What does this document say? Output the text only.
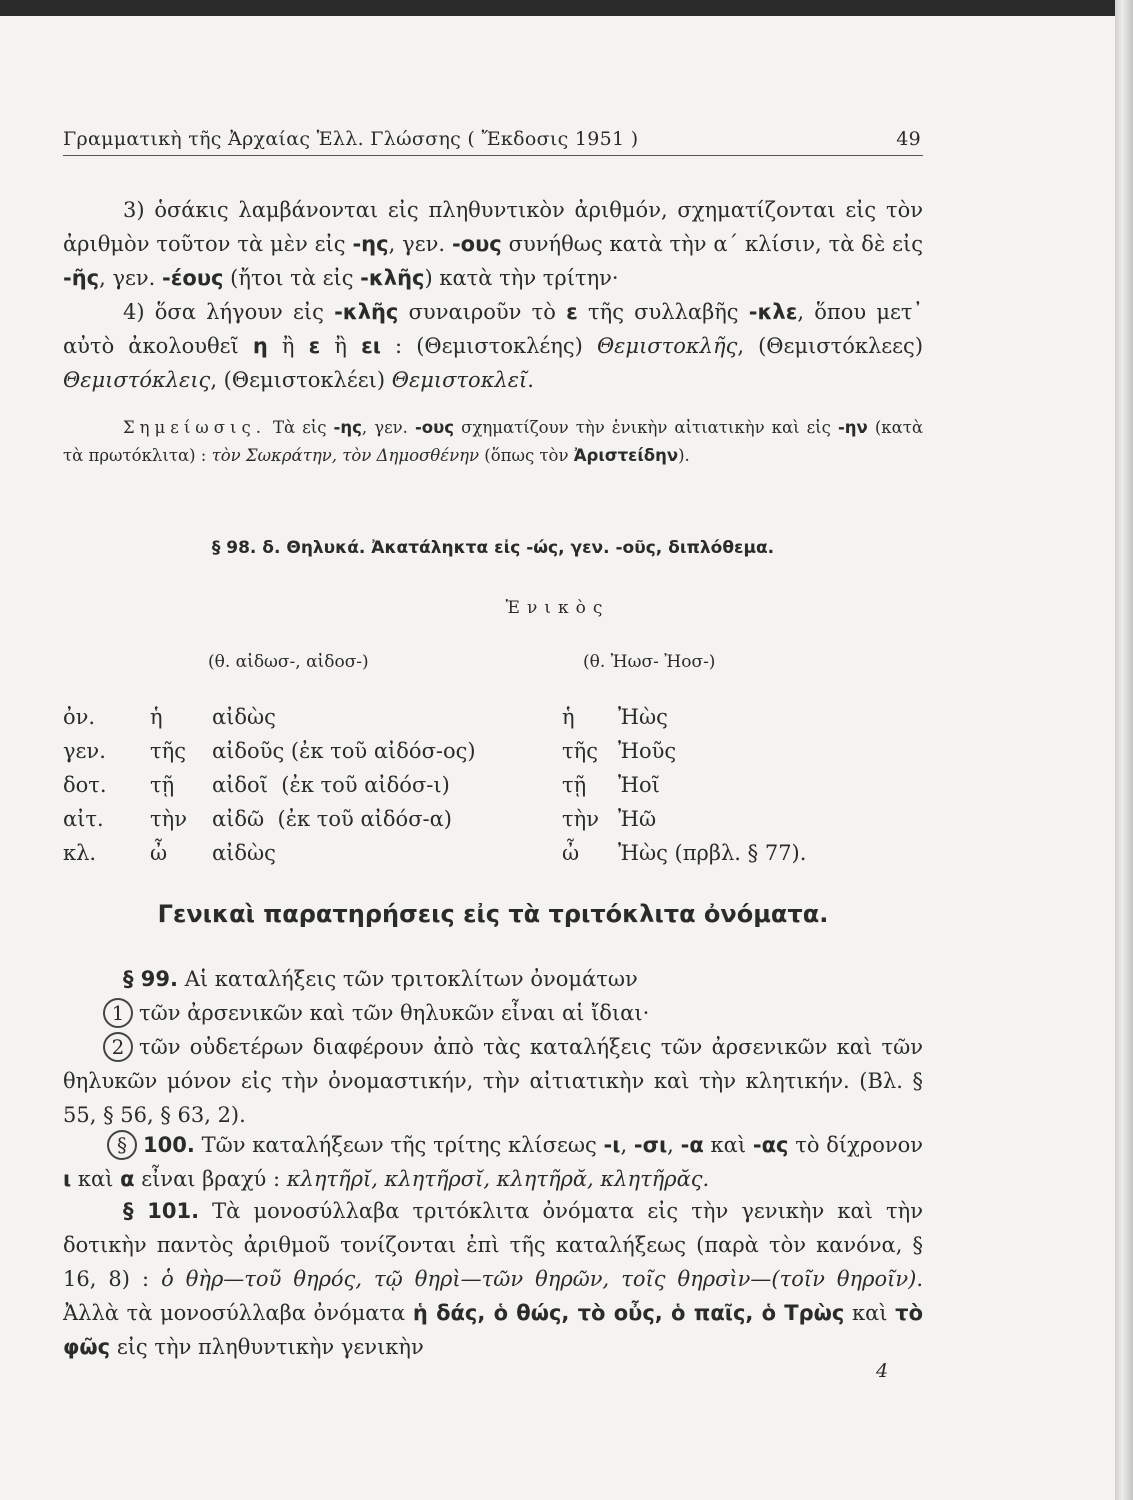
Γραμματικὴ τῆς Ἀρχαίας Ἑλλ. Γλώσσης ( Ἔκδοσις 1951 )	49

3) ὁσάκις λαμβάνονται εἰς πληθυντικὸν ἀριθμόν, σχηματίζονται εἰς τὸν ἀριθμὸν τοῦτον τὰ μὲν εἰς -ης, γεν. -ους συνήθως κατὰ τὴν α΄ κλίσιν, τὰ δὲ εἰς -ῆς, γεν. -έους (ἤτοι τὰ εἰς -κλῆς) κατὰ τὴν τρίτην·

4) ὅσα λήγουν εἰς -κλῆς συναιροῦν τὸ ε τῆς συλλαβῆς -κλε, ὅπου μετ᾽ αὐτὸ ἀκολουθεῖ η ἢ ε ἢ ει : (Θεμιστοκλέης) Θεμιστοκλῆς, (Θεμιστόκλεες) Θεμιστόκλεις, (Θεμιστοκλέει) Θεμιστοκλεῖ.

Σημείωσις. Τὰ εἰς -ης, γεν. -ους σχηματίζουν τὴν ἑνικὴν αἰτιατικὴν καὶ εἰς -ην (κατὰ τὰ πρωτόκλιτα) : τὸν Σωκράτην, τὸν Δημοσθένην (ὅπως τὸν Ἀριστείδην).

§ 98. δ. Θηλυκά. Ἀκατάληκτα εἰς -ώς, γεν. -οῦς, διπλόθεμα.
Ἑνικὸς
(θ. αἰδωσ-, αἰδοσ-)	(θ. Ἠωσ- Ἠοσ-)
ὀν.	ἡ	αἰδὼς	ἡ	Ἠὼς
γεν.	τῆς	αἰδοῦς (ἐκ τοῦ αἰδόσ-ος)	τῆς	Ἠοῦς
δοτ.	τῇ	αἰδοῖ  (ἐκ τοῦ αἰδόσ-ι)	τῇ	Ἠοῖ
αἰτ.	τὴν	αἰδῶ  (ἐκ τοῦ αἰδόσ-α)	τὴν	Ἠῶ
κλ.	ὦ	αἰδὼς	ὦ	Ἠὼς (πρβλ. § 77).
Γενικαὶ παρατηρήσεις εἰς τὰ τριτόκλιτα ὀνόματα.

§ 99. Αἱ καταλήξεις τῶν τριτοκλίτων ὀνομάτων

1 τῶν ἀρσενικῶν καὶ τῶν θηλυκῶν εἶναι αἱ ἴδιαι·

2 τῶν οὐδετέρων διαφέρουν ἀπὸ τὰς καταλήξεις τῶν ἀρσενικῶν καὶ τῶν θηλυκῶν μόνον εἰς τὴν ὀνομαστικήν, τὴν αἰτιατικὴν καὶ τὴν κλητικήν. (Βλ. § 55, § 56, § 63, 2).

§ 100. Τῶν καταλήξεων τῆς τρίτης κλίσεως -ι, -σι, -α καὶ -ας τὸ δίχρονον ι καὶ α εἶναι βραχύ : κλητῆρῐ, κλητῆρσῐ, κλητῆρᾰ, κλητῆρᾰς.

§ 101. Τὰ μονοσύλλαβα τριτόκλιτα ὀνόματα εἰς τὴν γενικὴν καὶ τὴν δοτικὴν παντὸς ἀριθμοῦ τονίζονται ἐπὶ τῆς καταλήξεως (παρὰ τὸν κανόνα, § 16, 8) : ὁ θὴρ—τοῦ θηρός, τῷ θηρὶ—τῶν θηρῶν, τοῖς θηρσὶν—(τοῖν θηροῖν). Ἀλλὰ τὰ μονοσύλλαβα ὀνόματα ἡ δάς, ὁ θώς, τὸ οὖς, ὁ παῖς, ὁ Τρὼς καὶ τὸ φῶς εἰς τὴν πληθυντικὴν γενικὴν

4
